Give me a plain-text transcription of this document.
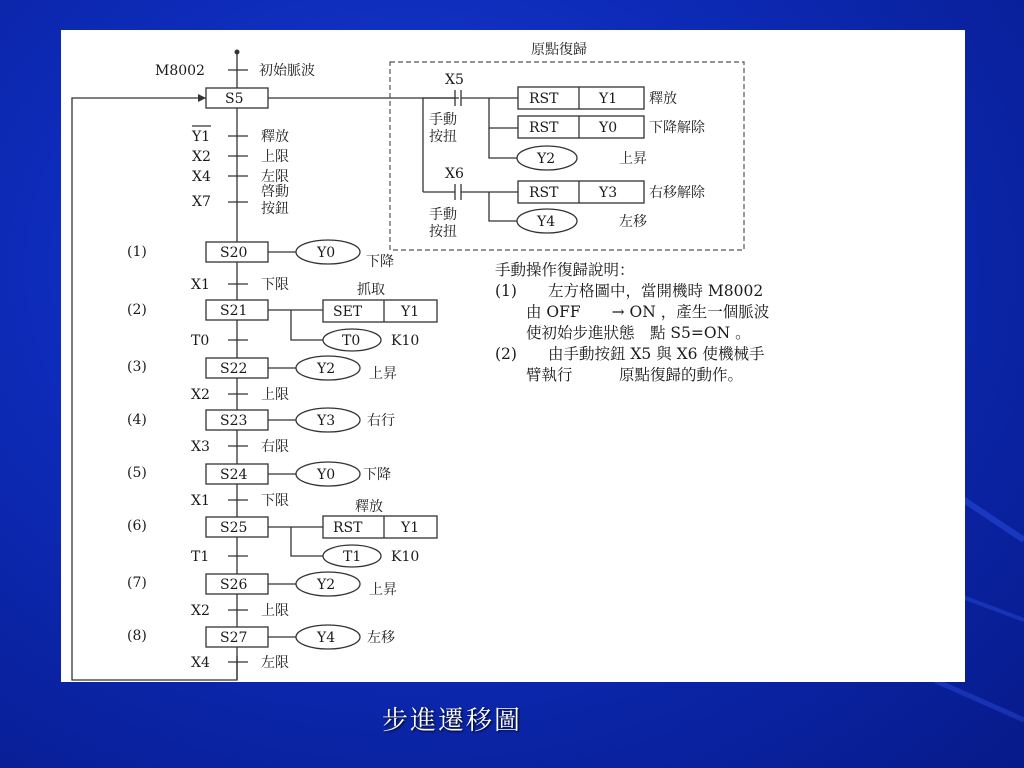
M8002	初始脈波
S5
Y1	釋放
X2	上限
X4	左限
X7
啓動
按鈕
(1)	S20	Y0
下降
X1	下限
(2)	S21
抓取
SET	Y1
T0 K10
T0
(3)	S22	Y2 上昇
X2	上限
(4)	S23	Y3 右行
X3	右限
(5)	S24	Y0 下降
X1	下限
(6)	S25
釋放
RST	Y1
T1 K10
T1
(7)	S26	Y2 上昇
X2	上限
(8)	S27	Y4 左移
X4	左限
原點復歸
X5
手動
按扭
RST	Y1 釋放
RST	Y0 下降解除
Y2	上昇
X6
手動
按扭
RST	Y3 右移解除
Y4	左移
手動操作復歸說明：
(1)　　左方格圖中，當開機時 M8002
　　由 OFF　　→ ON ，產生一個脈波
　　使初始步進狀態　點 S5=ON 。
(2)　　由手動按鈕 X5 與 X6 使機械手
　　臂執行　　　原點復歸的動作。
步進遷移圖
